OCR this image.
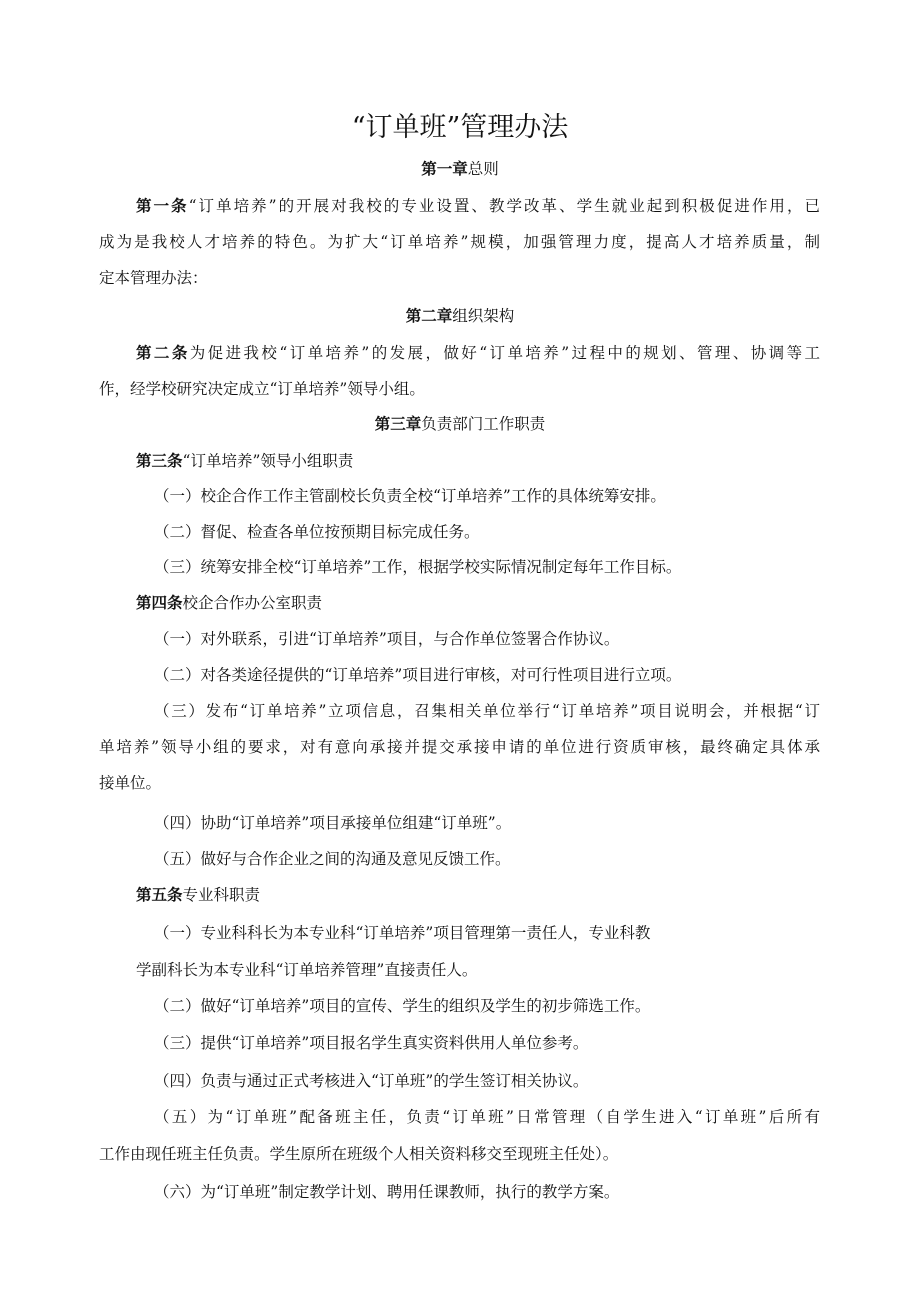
“订单班”管理办法
第一章总则
第一条“订单培养”的开展对我校的专业设置、教学改革、学生就业起到积极促进作用，已
成为是我校人才培养的特色。为扩大“订单培养”规模，加强管理力度，提高人才培养质量，制
定本管理办法：
第二章组织架构
第二条为促进我校“订单培养”的发展，做好“订单培养”过程中的规划、管理、协调等工
作，经学校研究决定成立“订单培养”领导小组。
第三章负责部门工作职责
第三条“订单培养”领导小组职责
（一）校企合作工作主管副校长负责全校“订单培养”工作的具体统筹安排。
（二）督促、检查各单位按预期目标完成任务。
（三）统筹安排全校“订单培养”工作，根据学校实际情况制定每年工作目标。
第四条校企合作办公室职责
（一）对外联系，引进“订单培养”项目，与合作单位签署合作协议。
（二）对各类途径提供的“订单培养”项目进行审核，对可行性项目进行立项。
（三）发布“订单培养”立项信息，召集相关单位举行“订单培养”项目说明会，并根据“订
单培养”领导小组的要求，对有意向承接并提交承接申请的单位进行资质审核，最终确定具体承
接单位。
（四）协助“订单培养”项目承接单位组建“订单班”。
（五）做好与合作企业之间的沟通及意见反馈工作。
第五条专业科职责
（一）专业科科长为本专业科“订单培养”项目管理第一责任人，专业科教
学副科长为本专业科“订单培养管理”直接责任人。
（二）做好“订单培养”项目的宣传、学生的组织及学生的初步筛选工作。
（三）提供“订单培养”项目报名学生真实资料供用人单位参考。
（四）负责与通过正式考核进入“订单班”的学生签订相关协议。
（五）为“订单班”配备班主任，负责“订单班”日常管理（自学生进入“订单班”后所有
工作由现任班主任负责。学生原所在班级个人相关资料移交至现班主任处）。
（六）为“订单班”制定教学计划、聘用任课教师，执行的教学方案。
